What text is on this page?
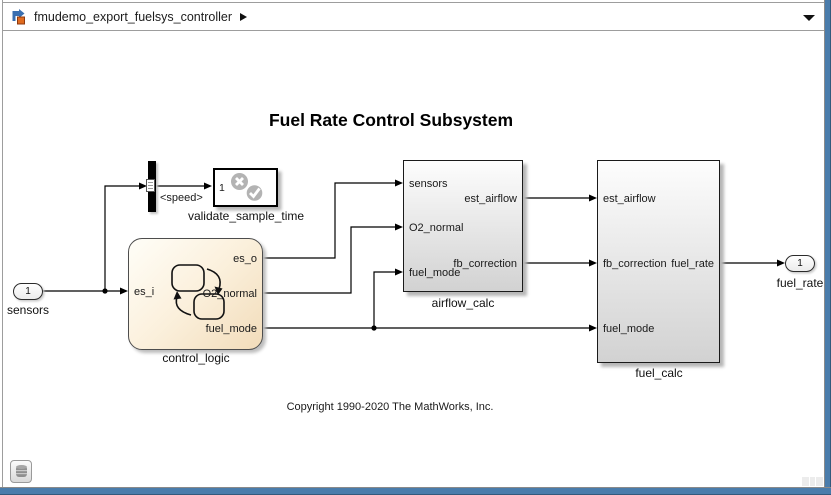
fmudemo_export_fuelsys_controller
Fuel Rate Control Subsystem
Copyright 1990-2020 The MathWorks, Inc.
1
sensors
<speed>
1
validate_sample_time
es_i
es_o
O2_normal
fuel_mode
control_logic
sensors
O2_normal
fuel_mode
est_airflow
fb_correction
airflow_calc
est_airflow
fb_correction
fuel_mode
fuel_rate
fuel_calc
1
fuel_rate
